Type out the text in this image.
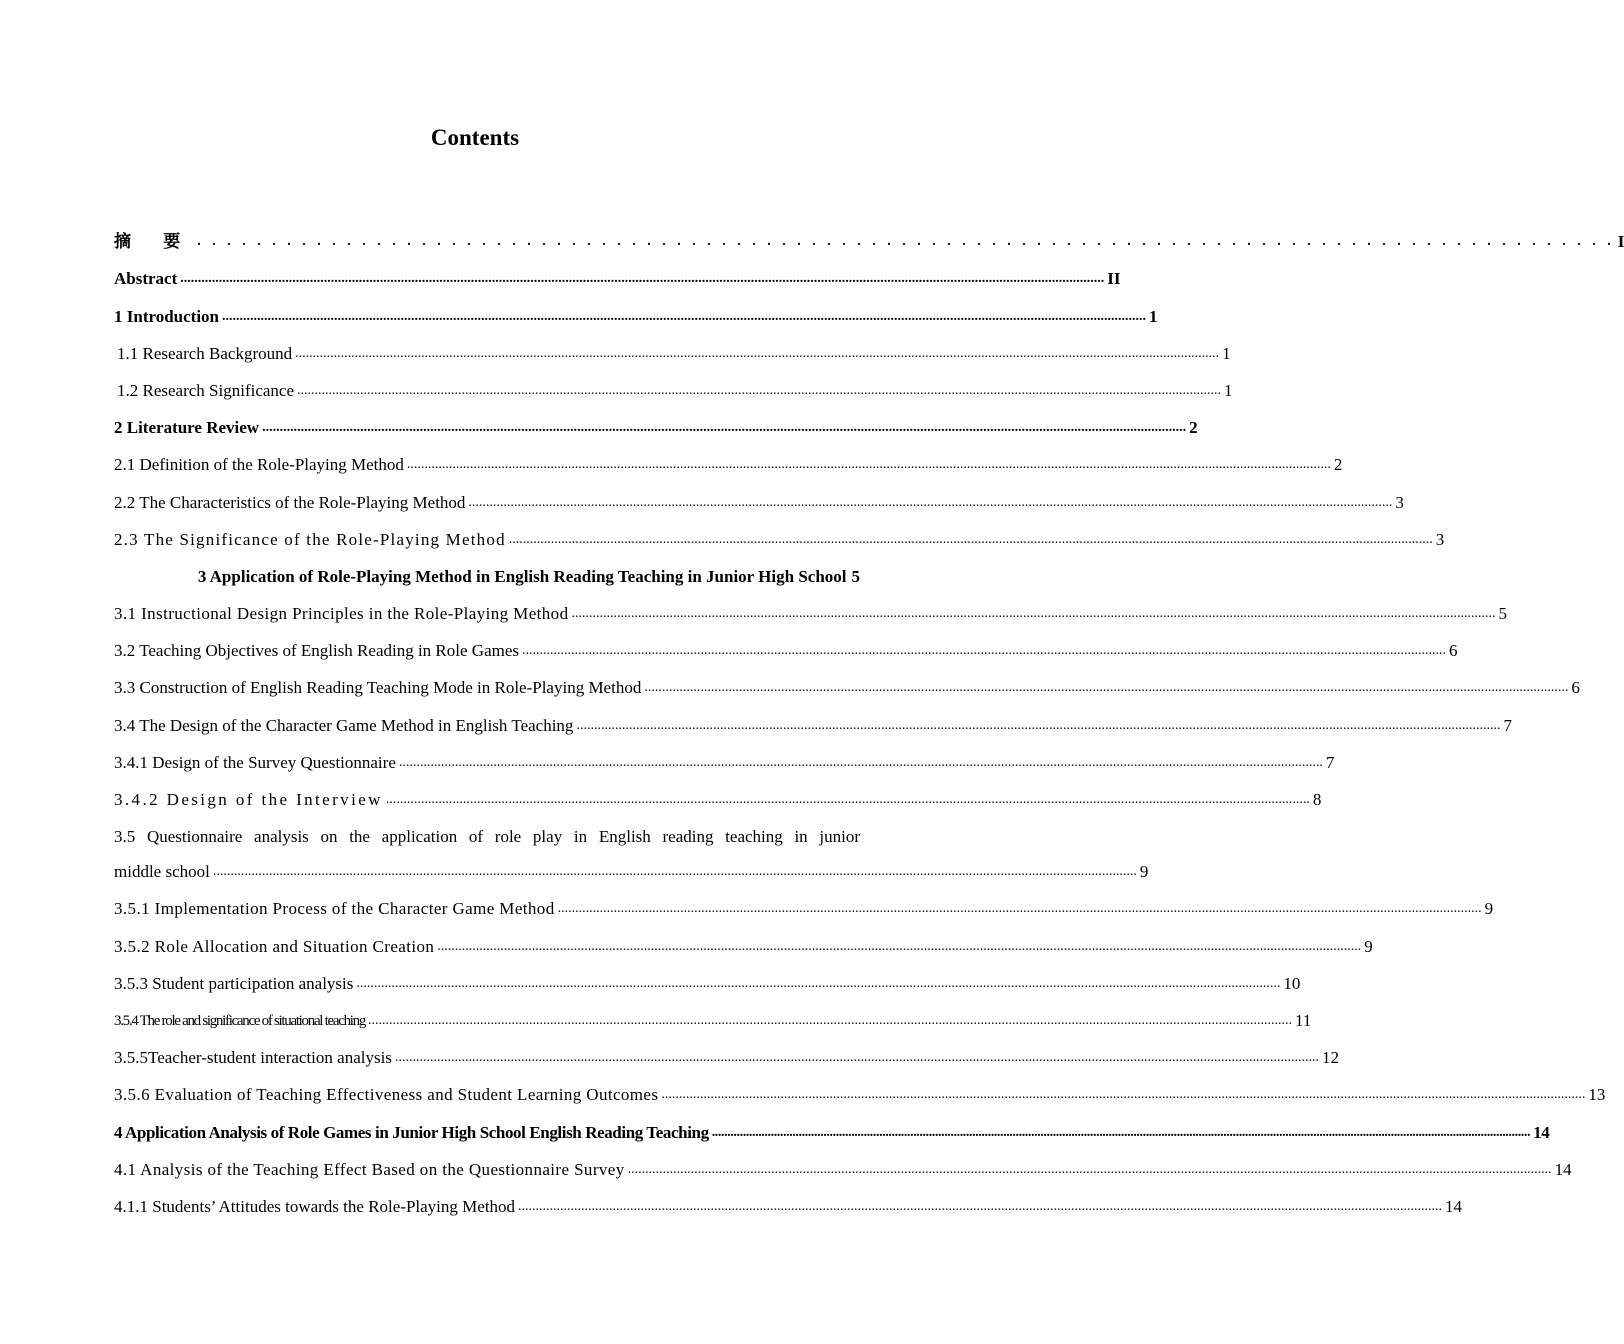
Contents
摘 要 . . . . . . . . . . . . . . . . . . . . . . . . . . . . . . . . . . . . . . . . . . . . . . . . . . . . . . . . . . . . . . . . . . . . . . . . . . . . . . . . . . . . . . . . . . . . . . . I
Abstract ........................................................................................................................................................................................................................................................................ II
1 Introduction ........................................................................................................................................................................................................................................................................ 1
1.1 Research Background ........................................................................................................................................................................................................................................................................ 1
1.2 Research Significance ........................................................................................................................................................................................................................................................................ 1
2 Literature Review ........................................................................................................................................................................................................................................................................ 2
2.1 Definition of the Role-Playing Method ........................................................................................................................................................................................................................................................................ 2
2.2 The Characteristics of the Role-Playing Method ........................................................................................................................................................................................................................................................................ 3
2.3 The Significance of the Role-Playing Method ........................................................................................................................................................................................................................................................................ 3
3 Application of Role-Playing Method in English Reading Teaching in Junior High School 5
3.1 Instructional Design Principles in the Role-Playing Method ........................................................................................................................................................................................................................................................................ 5
3.2 Teaching Objectives of English Reading in Role Games ........................................................................................................................................................................................................................................................................ 6
3.3 Construction of English Reading Teaching Mode in Role-Playing Method ........................................................................................................................................................................................................................................................................ 6
3.4 The Design of the Character Game Method in English Teaching ........................................................................................................................................................................................................................................................................ 7
3.4.1 Design of the Survey Questionnaire ........................................................................................................................................................................................................................................................................ 7
3.4.2 Design of the Interview ........................................................................................................................................................................................................................................................................ 8
3.5 Questionnaire analysis on the application of role play in English reading teaching in junior
middle school ........................................................................................................................................................................................................................................................................ 9
3.5.1 Implementation Process of the Character Game Method ........................................................................................................................................................................................................................................................................ 9
3.5.2 Role Allocation and Situation Creation ........................................................................................................................................................................................................................................................................ 9
3.5.3 Student participation analysis ........................................................................................................................................................................................................................................................................ 10
3.5.4 The role and significance of situational teaching ........................................................................................................................................................................................................................................................................ 11
3.5.5Teacher-student interaction analysis ........................................................................................................................................................................................................................................................................ 12
3.5.6 Evaluation of Teaching Effectiveness and Student Learning Outcomes ........................................................................................................................................................................................................................................................................ 13
4 Application Analysis of Role Games in Junior High School English Reading Teaching ........................................................................................................................................................................................................................................................................ 14
4.1 Analysis of the Teaching Effect Based on the Questionnaire Survey ........................................................................................................................................................................................................................................................................ 14
4.1.1 Students’ Attitudes towards the Role-Playing Method ........................................................................................................................................................................................................................................................................ 14
